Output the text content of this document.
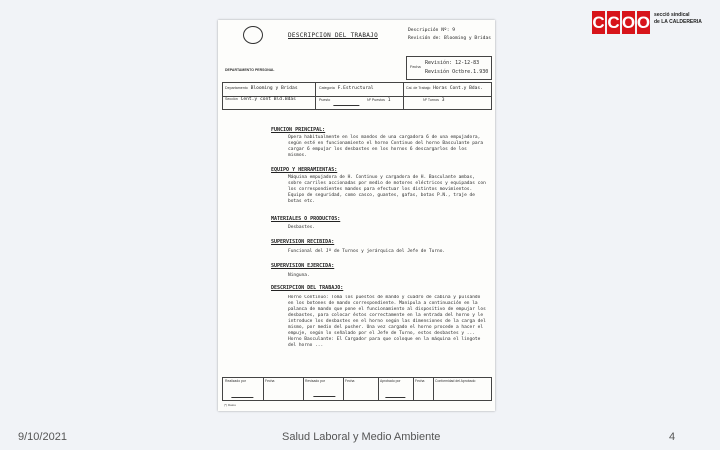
C C O O secció sindical
de LA CALDERERIA
DEPARTAMENTO PERSONAL
DESCRIPCION DEL TRABAJO
Descripción Nº: 9
Revisión de: Blooming y Bridas
Fecha
Revisión: 12-12-83
Revisión Octbre.1.930
Departamento Blooming y Bridas	Categoría F.Estructural	Cal. de Trabajo Horas Cont.y Bdas.
Sección Cent.y cont Bld.Bdas	Puesto	Nº Puestos 1	Nº Turnos 3
FUNCION PRINCIPAL:
Opera habitualmente en los mandos de una cargadora 6 de una empujadora, según esté en funcionamiento el horno Continuo del horno Basculante para cargar 6 empujar los desbastes en los hornos 6 descargarlos de los mismos.
EQUIPO Y HERRAMIENTAS:
Máquina empujadora de H. Continuo y cargadora de H. Basculante ambas, sobre carriles accionadas por medio de motores eléctricos y equipadas con los correspondientes mandos para efectuar los distintos movimientos. Equipo de seguridad, como casco, guantes, gafas, botas P.N., traje de botas etc.
MATERIALES O PRODUCTOS:
Desbastes.
SUPERVISION RECIBIDA:
Funcional del Jº de Turnos y jerárquica del Jefe de Turno.
SUPERVISION EJERCIDA:
Ninguna.
DESCRIPCION DEL TRABAJO:
Horno Continuo: Toma los puestos de mando y cuadro de cabina y pulsando en los botones de mando correspondiente. Manipula a continuación en la palanca de mando que pone el funcionamiento al dispositivo de empujar los desbastes, para colocar éstos correctamente en la entrada del horno y le introduce los desbastes en el horno según las dimensiones de la carga del mismo, por medio del pusher. Una vez cargado el horno procede a hacer el empuje, según lo señalado por el Jefe de Turno, estos desbastes y ... Horno Basculante: El Cargador para que coloque en la máquina el lingote del horno ...
Realizado por	Fecha	Revisado por	Fecha	Aprobado por	Fecha	Conformidad del Aprobado
(*) Datos
9/10/2021	Salud Laboral y Medio Ambiente	4
